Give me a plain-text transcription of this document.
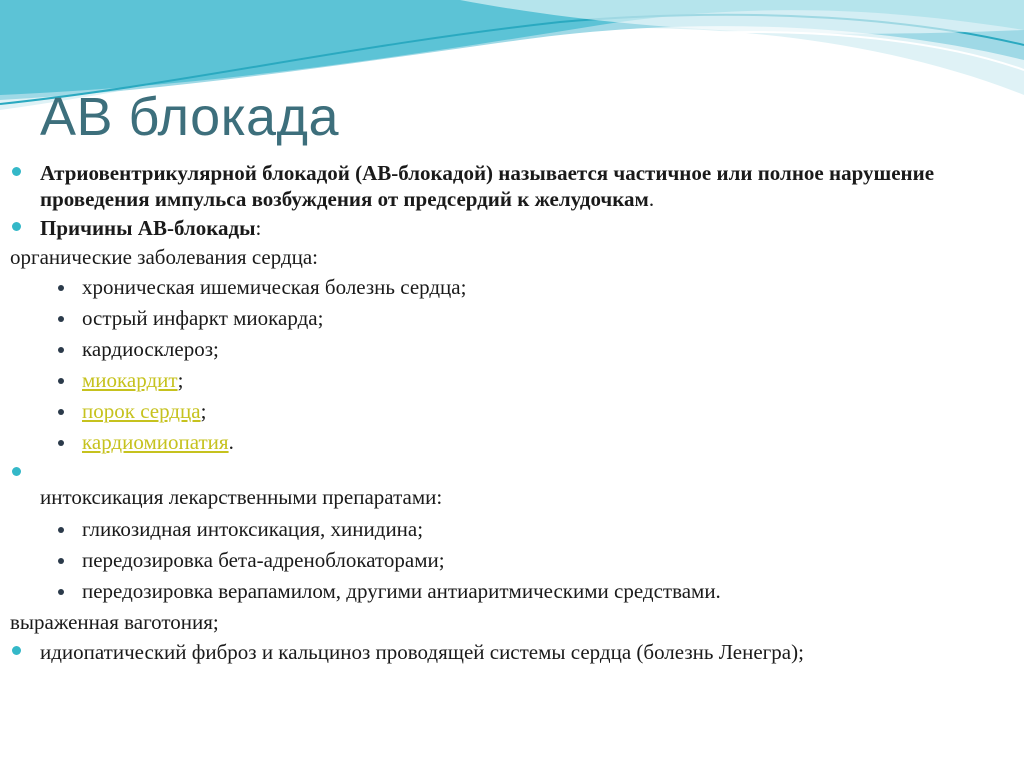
АВ блокада
Атриовентрикулярной блокадой (АВ-блокадой) называется частичное или полное нарушение проведения импульса возбуждения от предсердий к желудочкам.
Причины АВ-блокады:
органические заболевания сердца:
хроническая ишемическая болезнь сердца;
острый инфаркт миокарда;
кардиосклероз;
миокардит;
порок сердца;
кардиомиопатия.
интоксикация лекарственными препаратами:
гликозидная интоксикация, хинидина;
передозировка бета-адреноблокаторами;
передозировка верапамилом, другими антиаритмическими средствами.
выраженная ваготония;
идиопатический фиброз и кальциноз проводящей системы сердца (болезнь Ленегра);
